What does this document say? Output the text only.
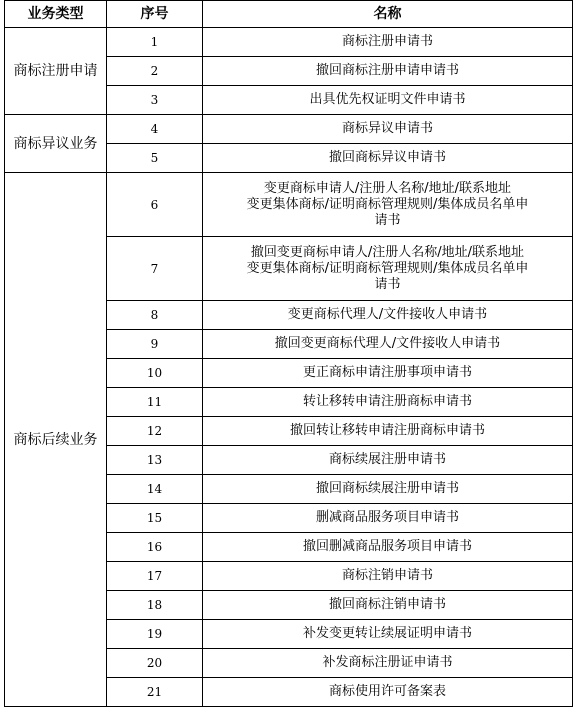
业务类型	序号	名称
商标注册申请	1	商标注册申请书

	2	撤回商标注册申请申请书

	3	出具优先权证明文件申请书

商标异议业务	4	商标异议申请书

	5	撤回商标异议申请书

商标后续业务	6	变更商标申请人/注册人名称/地址/联系地址
变更集体商标/证明商标管理规则/集体成员名单申
请书

	7	撤回变更商标申请人/注册人名称/地址/联系地址
变更集体商标/证明商标管理规则/集体成员名单申
请书

	8	变更商标代理人/文件接收人申请书

	9	撤回变更商标代理人/文件接收人申请书

	10	更正商标申请注册事项申请书

	11	转让移转申请注册商标申请书

	12	撤回转让移转申请注册商标申请书

	13	商标续展注册申请书

	14	撤回商标续展注册申请书

	15	删减商品服务项目申请书

	16	撤回删减商品服务项目申请书

	17	商标注销申请书

	18	撤回商标注销申请书

	19	补发变更转让续展证明申请书

	20	补发商标注册证申请书

	21	商标使用许可备案表
